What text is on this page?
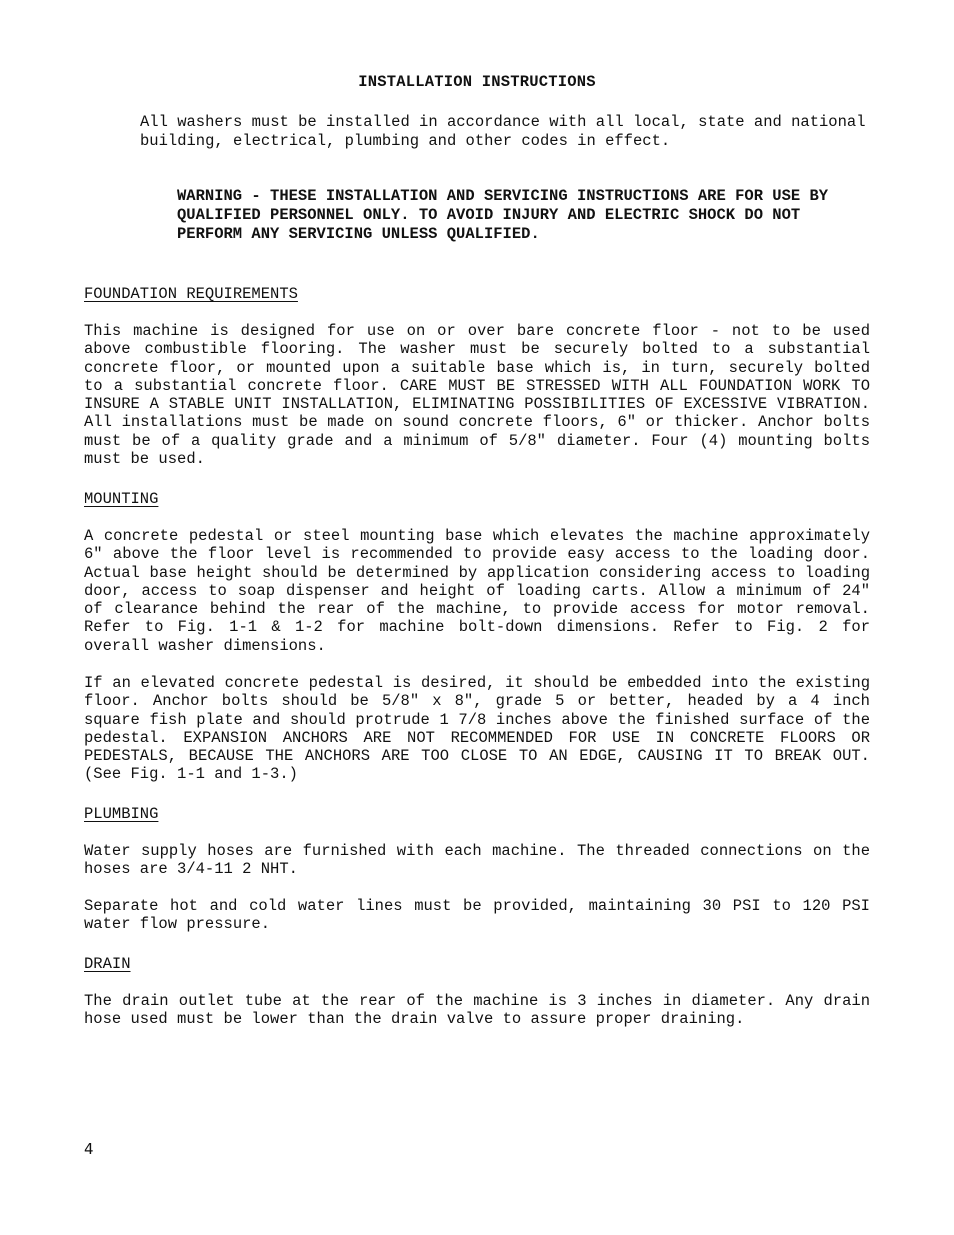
INSTALLATION INSTRUCTIONS
All washers must be installed in accordance with all local, state and national building, electrical, plumbing and other codes in effect.
WARNING - THESE INSTALLATION AND SERVICING INSTRUCTIONS ARE FOR USE BY QUALIFIED PERSONNEL ONLY. TO AVOID INJURY AND ELECTRIC SHOCK DO NOT PERFORM ANY SERVICING UNLESS QUALIFIED.
FOUNDATION REQUIREMENTS
This machine is designed for use on or over bare concrete floor - not to be used above combustible flooring. The washer must be securely bolted to a substantial concrete floor, or mounted upon a suitable base which is, in turn, securely bolted to a substantial concrete floor. CARE MUST BE STRESSED WITH ALL FOUNDATION WORK TO INSURE A STABLE UNIT INSTALLATION, ELIMINATING POSSIBILITIES OF EXCESSIVE VIBRATION. All installations must be made on sound concrete floors, 6" or thicker. Anchor bolts must be of a quality grade and a minimum of 5/8" diameter. Four (4) mounting bolts must be used.
MOUNTING
A concrete pedestal or steel mounting base which elevates the machine approximately 6" above the floor level is recommended to provide easy access to the loading door. Actual base height should be determined by application considering access to loading door, access to soap dispenser and height of loading carts. Allow a minimum of 24" of clearance behind the rear of the machine, to provide access for motor removal. Refer to Fig. 1-1 & 1-2 for machine bolt-down dimensions. Refer to Fig. 2 for overall washer dimensions.
If an elevated concrete pedestal is desired, it should be embedded into the existing floor. Anchor bolts should be 5/8" x 8", grade 5 or better, headed by a 4 inch square fish plate and should protrude 1 7/8 inches above the finished surface of the pedestal. EXPANSION ANCHORS ARE NOT RECOMMENDED FOR USE IN CONCRETE FLOORS OR PEDESTALS, BECAUSE THE ANCHORS ARE TOO CLOSE TO AN EDGE, CAUSING IT TO BREAK OUT. (See Fig. 1-1 and 1-3.)
PLUMBING
Water supply hoses are furnished with each machine. The threaded connections on the hoses are 3/4-11 2 NHT.
Separate hot and cold water lines must be provided, maintaining 30 PSI to 120 PSI water flow pressure.
DRAIN
The drain outlet tube at the rear of the machine is 3 inches in diameter. Any drain hose used must be lower than the drain valve to assure proper draining.
4
